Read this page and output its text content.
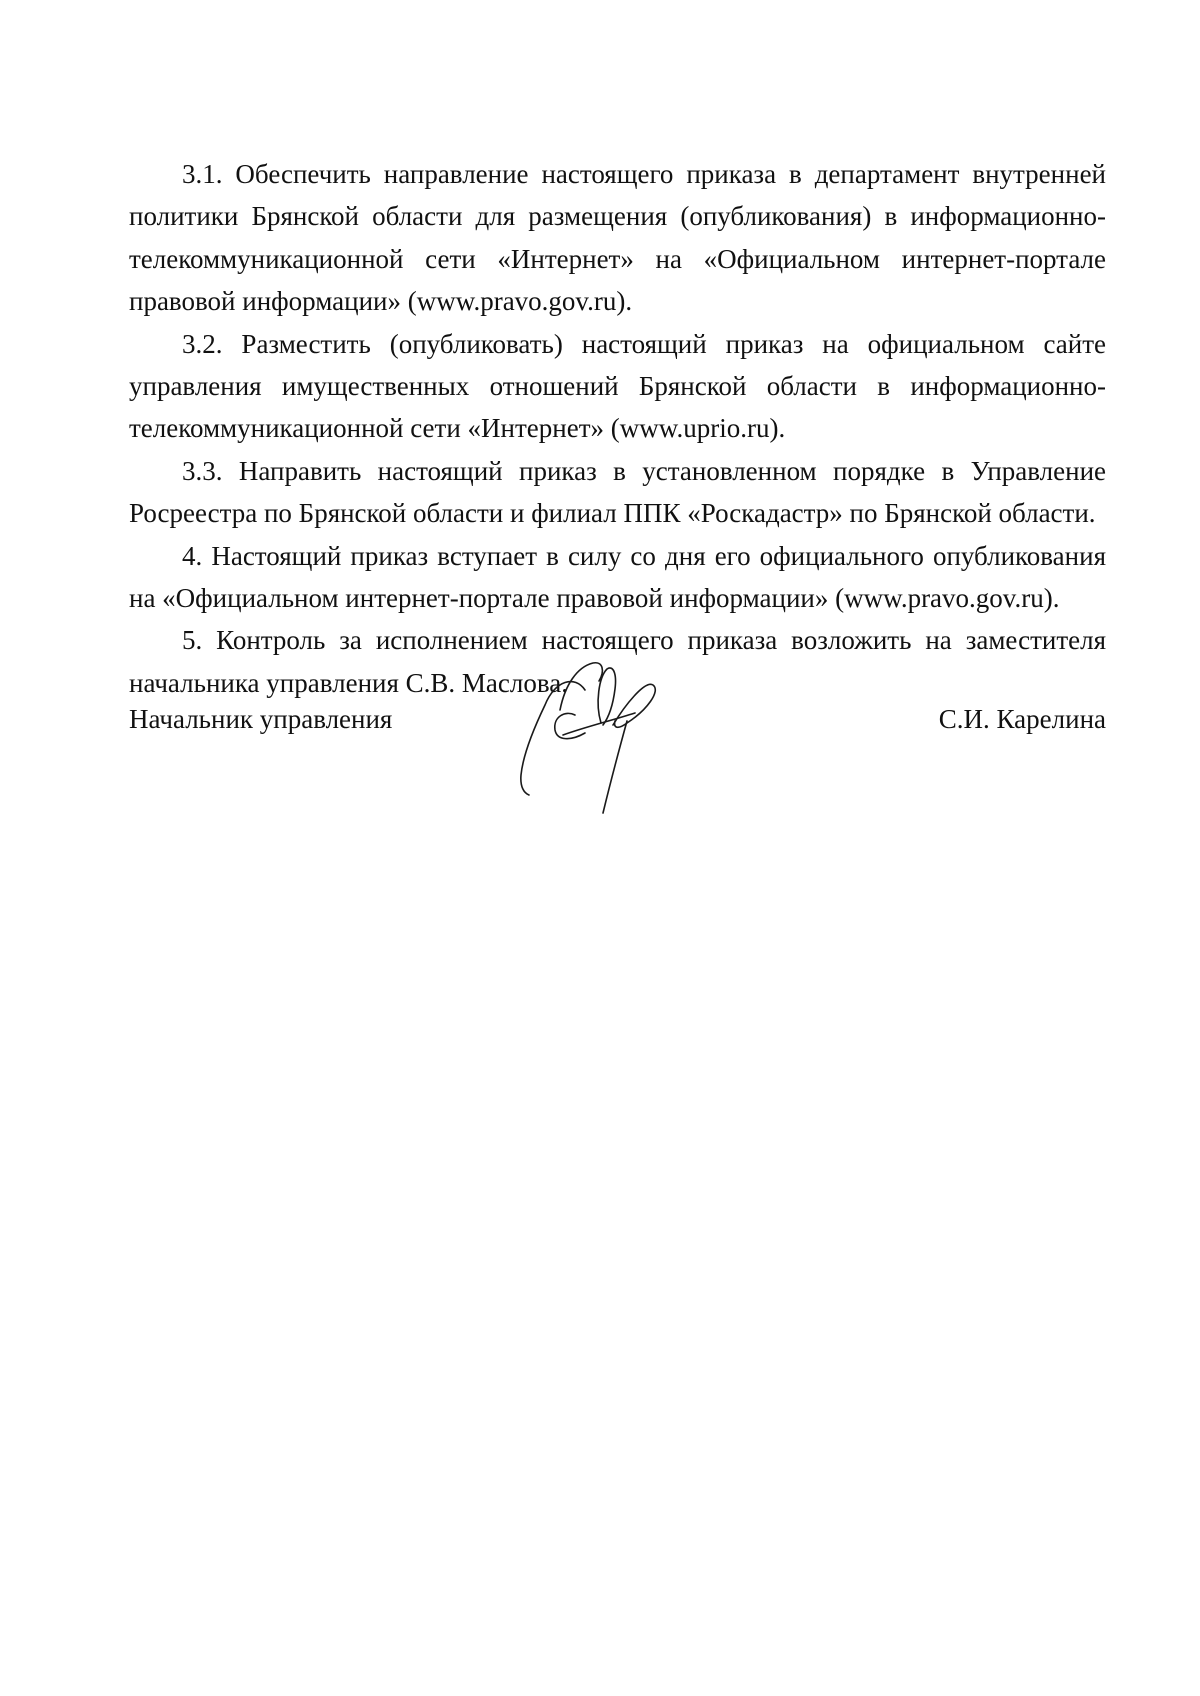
3.1. Обеспечить направление настоящего приказа в департамент внутренней политики Брянской области для размещения (опубликования) в информационно-телекоммуникационной сети «Интернет» на «Официальном интернет-портале правовой информации» (www.pravo.gov.ru).

3.2. Разместить (опубликовать) настоящий приказ на официальном сайте управления имущественных отношений Брянской области в информационно-телекоммуникационной сети «Интернет» (www.uprio.ru).

3.3. Направить настоящий приказ в установленном порядке в Управление Росреестра по Брянской области и филиал ППК «Роскадастр» по Брянской области.

4. Настоящий приказ вступает в силу со дня его официального опубликования на «Официальном интернет-портале правовой информации» (www.pravo.gov.ru).

5. Контроль за исполнением настоящего приказа возложить на заместителя начальника управления С.В. Маслова.

Начальник управления	С.И. Карелина
